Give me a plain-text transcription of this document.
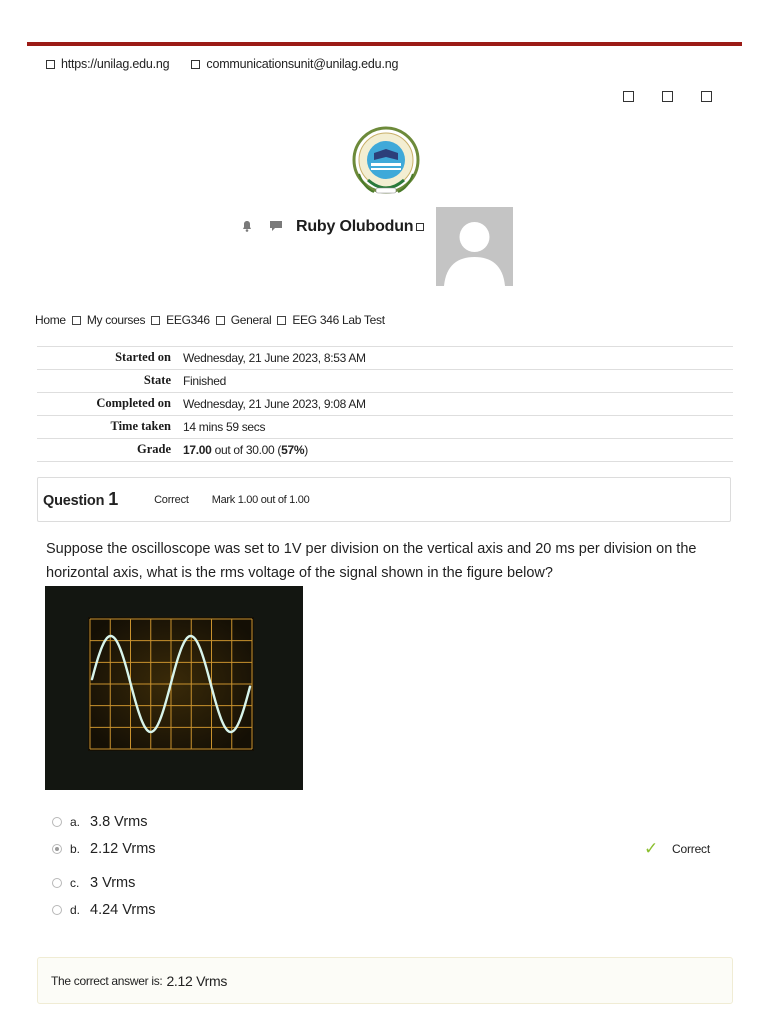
https://unilag.edu.ng	communicationsunit@unilag.edu.ng
Ruby Olubodun
Home My courses EEG346 General EEG 346 Lab Test
Started on	Wednesday, 21 June 2023, 8:53 AM
State	Finished
Completed on	Wednesday, 21 June 2023, 9:08 AM
Time taken	14 mins 59 secs
Grade	17.00 out of 30.00 (57%)
Question 1	Correct Mark 1.00 out of 1.00
Suppose the oscilloscope was set to 1V per division on the vertical axis and 20 ms per division on the horizontal axis, what is the rms voltage of the signal shown in the figure below?
a. 3.8 Vrms
b. 2.12 Vrms	✓ Correct
c. 3 Vrms
d. 4.24 Vrms
The correct answer is: 2.12 Vrms
